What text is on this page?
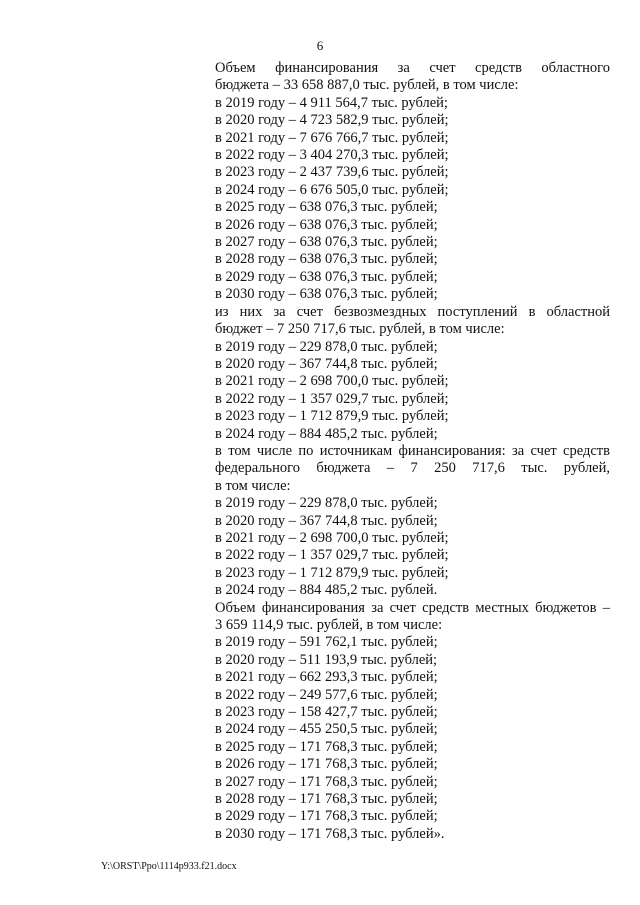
6
Объем финансирования за счет средств областного
бюджета – 33 658 887,0 тыс. рублей, в том числе:
в 2019 году – 4 911 564,7 тыс. рублей;
в 2020 году – 4 723 582,9 тыс. рублей;
в 2021 году – 7 676 766,7 тыс. рублей;
в 2022 году – 3 404 270,3 тыс. рублей;
в 2023 году – 2 437 739,6 тыс. рублей;
в 2024 году – 6 676 505,0 тыс. рублей;
в 2025 году – 638 076,3 тыс. рублей;
в 2026 году – 638 076,3 тыс. рублей;
в 2027 году – 638 076,3 тыс. рублей;
в 2028 году – 638 076,3 тыс. рублей;
в 2029 году – 638 076,3 тыс. рублей;
в 2030 году – 638 076,3 тыс. рублей;
из них за счет безвозмездных поступлений в областной
бюджет – 7 250 717,6 тыс. рублей, в том числе:
в 2019 году – 229 878,0 тыс. рублей;
в 2020 году – 367 744,8 тыс. рублей;
в 2021 году – 2 698 700,0 тыс. рублей;
в 2022 году – 1 357 029,7 тыс. рублей;
в 2023 году – 1 712 879,9 тыс. рублей;
в 2024 году – 884 485,2 тыс. рублей;
в том числе по источникам финансирования: за счет средств
федерального бюджета – 7 250 717,6 тыс. рублей,
в том числе:
в 2019 году – 229 878,0 тыс. рублей;
в 2020 году – 367 744,8 тыс. рублей;
в 2021 году – 2 698 700,0 тыс. рублей;
в 2022 году – 1 357 029,7 тыс. рублей;
в 2023 году – 1 712 879,9 тыс. рублей;
в 2024 году – 884 485,2 тыс. рублей.
Объем финансирования за счет средств местных бюджетов –
3 659 114,9 тыс. рублей, в том числе:
в 2019 году – 591 762,1 тыс. рублей;
в 2020 году – 511 193,9 тыс. рублей;
в 2021 году – 662 293,3 тыс. рублей;
в 2022 году – 249 577,6 тыс. рублей;
в 2023 году – 158 427,7 тыс. рублей;
в 2024 году – 455 250,5 тыс. рублей;
в 2025 году – 171 768,3 тыс. рублей;
в 2026 году – 171 768,3 тыс. рублей;
в 2027 году – 171 768,3 тыс. рублей;
в 2028 году – 171 768,3 тыс. рублей;
в 2029 году – 171 768,3 тыс. рублей;
в 2030 году – 171 768,3 тыс. рублей».
Y:\ORST\Ppo\1114p933.f21.docx
